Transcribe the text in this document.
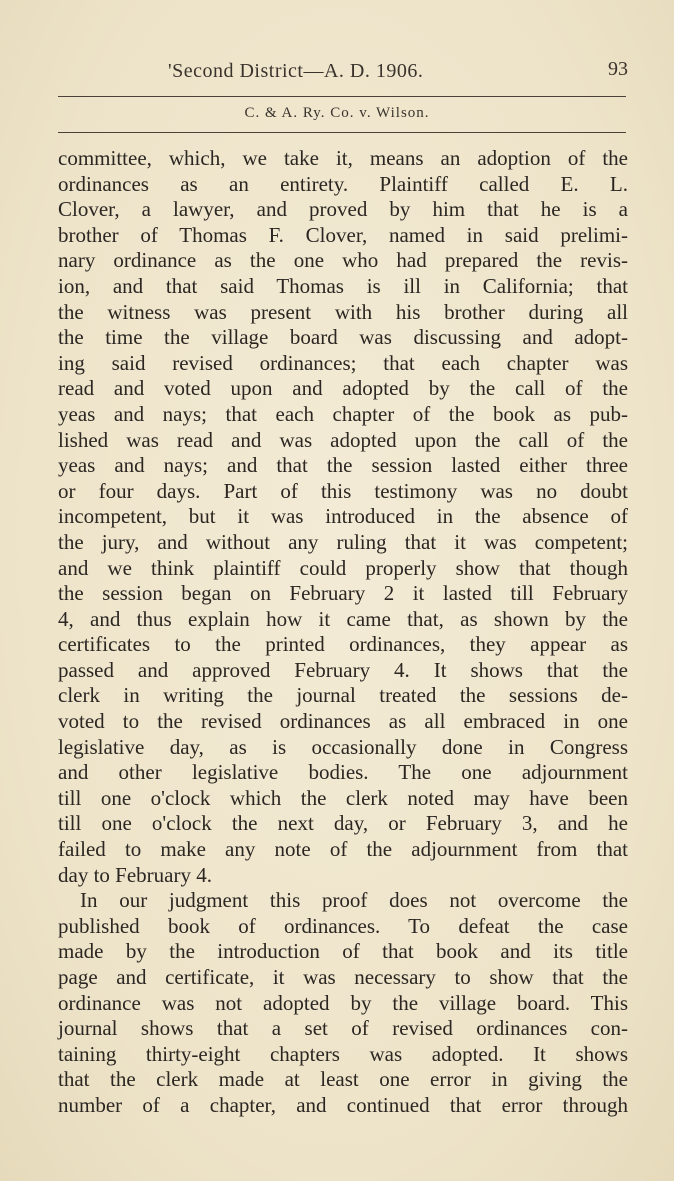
'Second District—A. D. 1906.	93
C. & A. Ry. Co. v. Wilson.
committee, which, we take it, means an adoption of the
ordinances as an entirety. Plaintiff called E. L.
Clover, a lawyer, and proved by him that he is a
brother of Thomas F. Clover, named in said prelimi-
nary ordinance as the one who had prepared the revis-
ion, and that said Thomas is ill in California; that
the witness was present with his brother during all
the time the village board was discussing and adopt-
ing said revised ordinances; that each chapter was
read and voted upon and adopted by the call of the
yeas and nays; that each chapter of the book as pub-
lished was read and was adopted upon the call of the
yeas and nays; and that the session lasted either three
or four days. Part of this testimony was no doubt
incompetent, but it was introduced in the absence of
the jury, and without any ruling that it was competent;
and we think plaintiff could properly show that though
the session began on February 2 it lasted till February
4, and thus explain how it came that, as shown by the
certificates to the printed ordinances, they appear as
passed and approved February 4. It shows that the
clerk in writing the journal treated the sessions de-
voted to the revised ordinances as all embraced in one
legislative day, as is occasionally done in Congress
and other legislative bodies. The one adjournment
till one o'clock which the clerk noted may have been
till one o'clock the next day, or February 3, and he
failed to make any note of the adjournment from that
day to February 4.
In our judgment this proof does not overcome the
published book of ordinances. To defeat the case
made by the introduction of that book and its title
page and certificate, it was necessary to show that the
ordinance was not adopted by the village board. This
journal shows that a set of revised ordinances con-
taining thirty-eight chapters was adopted. It shows
that the clerk made at least one error in giving the
number of a chapter, and continued that error through
